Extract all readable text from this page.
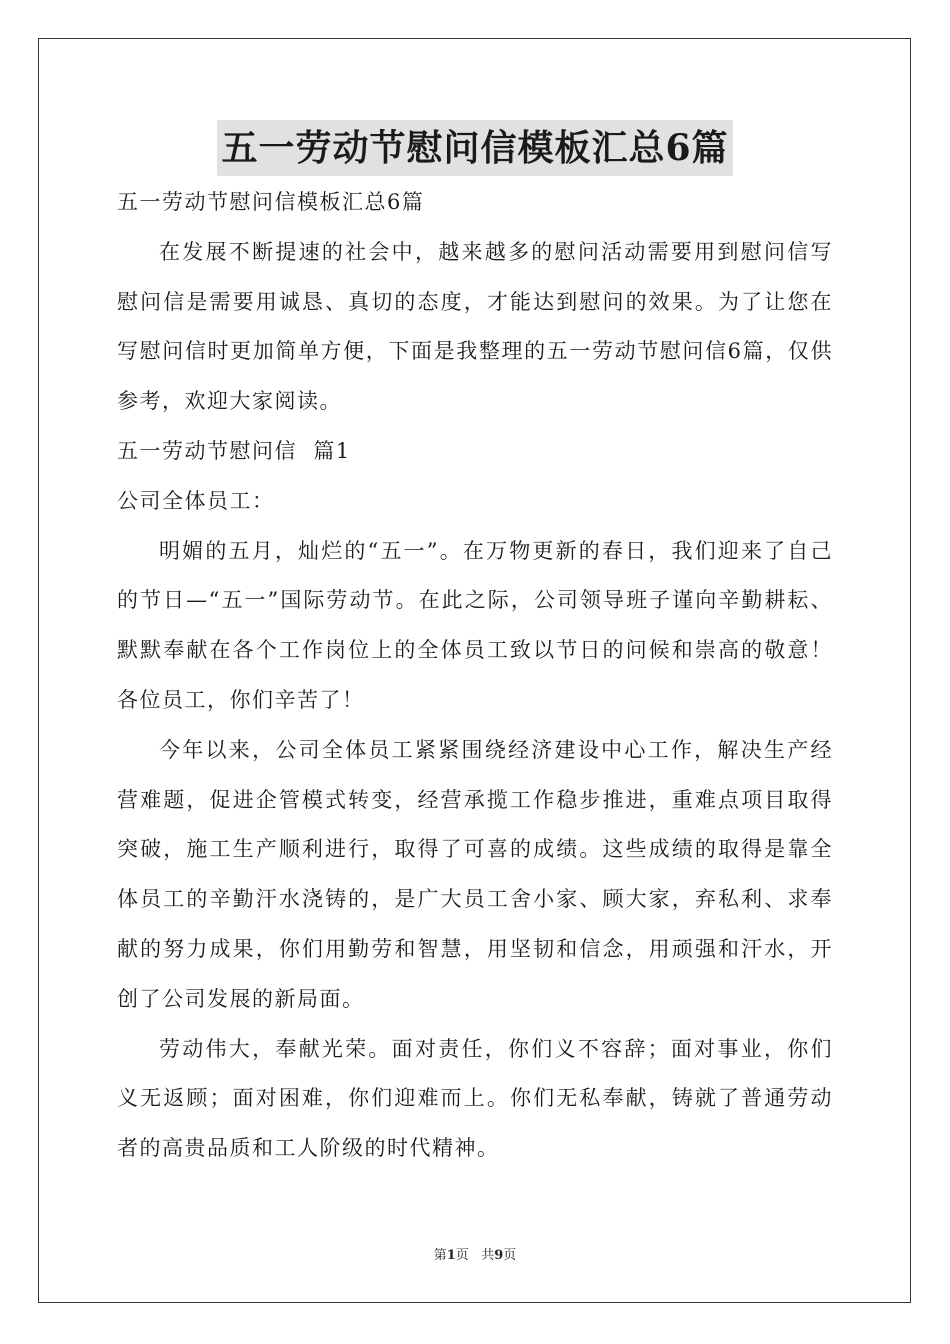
五一劳动节慰问信模板汇总6篇

五一劳动节慰问信模板汇总6篇

在发展不断提速的社会中，越来越多的慰问活动需要用到慰问信写慰问信是需要用诚恳、真切的态度，才能达到慰问的效果。为了让您在写慰问信时更加简单方便，下面是我整理的五一劳动节慰问信6篇，仅供参考，欢迎大家阅读。

五一劳动节慰问信  篇1

公司全体员工：

明媚的五月，灿烂的“五一”。在万物更新的春日，我们迎来了自己的节日—“五一”国际劳动节。在此之际，公司领导班子谨向辛勤耕耘、默默奉献在各个工作岗位上的全体员工致以节日的问候和崇高的敬意！各位员工，你们辛苦了！

今年以来，公司全体员工紧紧围绕经济建设中心工作，解决生产经营难题，促进企管模式转变，经营承揽工作稳步推进，重难点项目取得突破，施工生产顺利进行，取得了可喜的成绩。这些成绩的取得是靠全体员工的辛勤汗水浇铸的，是广大员工舍小家、顾大家，弃私利、求奉献的努力成果，你们用勤劳和智慧，用坚韧和信念，用顽强和汗水，开创了公司发展的新局面。

劳动伟大，奉献光荣。面对责任，你们义不容辞；面对事业，你们义无返顾；面对困难，你们迎难而上。你们无私奉献，铸就了普通劳动者的高贵品质和工人阶级的时代精神。

第1页   共9页
